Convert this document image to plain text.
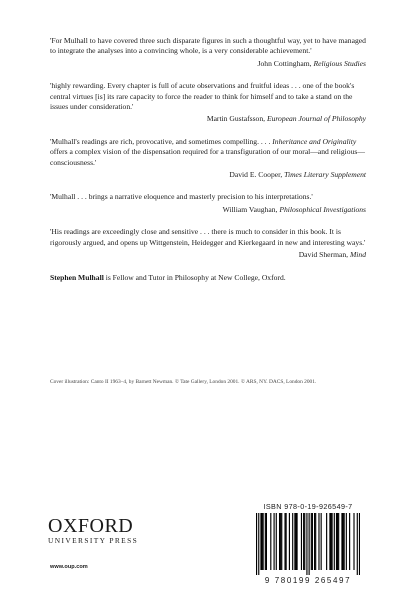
'For Mulhall to have covered three such disparate figures in such a thoughtful way, yet to have managed to integrate the analyses into a convincing whole, is a very considerable achievement.'

John Cottingham, Religious Studies

'highly rewarding. Every chapter is full of acute observations and fruitful ideas . . . one of the book's central virtues [is] its rare capacity to force the reader to think for himself and to take a stand on the issues under consideration.'

Martin Gustafsson, European Journal of Philosophy

'Mulhall's readings are rich, provocative, and sometimes compelling. . . . Inheritance and Originality offers a complex vision of the dispensation required for a transfiguration of our moral—and religious—consciousness.'

David E. Cooper, Times Literary Supplement

'Mulhall . . . brings a narrative eloquence and masterly precision to his interpretations.'

William Vaughan, Philosophical Investigations

'His readings are exceedingly close and sensitive . . . there is much to consider in this book. It is rigorously argued, and opens up Wittgenstein, Heidegger and Kierkegaard in new and interesting ways.'

David Sherman, Mind

Stephen Mulhall is Fellow and Tutor in Philosophy at New College, Oxford.

Cover illustration: Canto II 1963–4, by Barnett Newman. © Tate Gallery, London 2001. © ARS, NY. DACS, London 2001.
OXFORD
UNIVERSITY PRESS
www.oup.com
ISBN 978-0-19-926549-7
9 780199 265497
